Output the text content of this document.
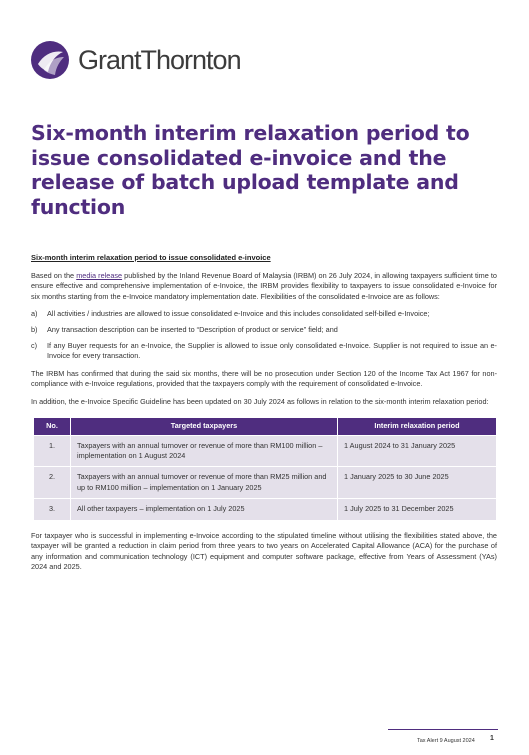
GrantThornton
Six-month interim relaxation period to issue consolidated e-invoice and the release of batch upload template and function
Six-month interim relaxation period to issue consolidated e-invoice

Based on the media release published by the Inland Revenue Board of Malaysia (IRBM) on 26 July 2024, in allowing taxpayers sufficient time to ensure effective and comprehensive implementation of e-Invoice, the IRBM provides flexibility to taxpayers to issue consolidated e-Invoice for six months starting from the e-Invoice mandatory implementation date. Flexibilities of the consolidated e-Invoice are as follows:

a)	All activities / industries are allowed to issue consolidated e-Invoice and this includes consolidated self-billed e-Invoice;
b)	Any transaction description can be inserted to “Description of product or service” field; and
c)	If any Buyer requests for an e-Invoice, the Supplier is allowed to issue only consolidated e-Invoice. Supplier is not required to issue an e-Invoice for every transaction.

The IRBM has confirmed that during the said six months, there will be no prosecution under Section 120 of the Income Tax Act 1967 for non-compliance with e-Invoice regulations, provided that the taxpayers comply with the requirement of consolidated e-Invoice.

In addition, the e-Invoice Specific Guideline has been updated on 30 July 2024 as follows in relation to the six-month interim relaxation period:

No.	Targeted taxpayers	Interim relaxation period
1.	Taxpayers with an annual turnover or revenue of more than RM100 million – implementation on 1 August 2024	1 August 2024 to 31 January 2025
2.	Taxpayers with an annual turnover or revenue of more than RM25 million and up to RM100 million – implementation on 1 January 2025	1 January 2025 to 30 June 2025
3.	All other taxpayers – implementation on 1 July 2025	1 July 2025 to 31 December 2025

For taxpayer who is successful in implementing e-Invoice according to the stipulated timeline without utilising the flexibilities stated above, the taxpayer will be granted a reduction in claim period from three years to two years on Accelerated Capital Allowance (ACA) for the purchase of any information and communication technology (ICT) equipment and computer software package, effective from Years of Assessment (YAs) 2024 and 2025.

Tax Alert 9 August 2024 1
